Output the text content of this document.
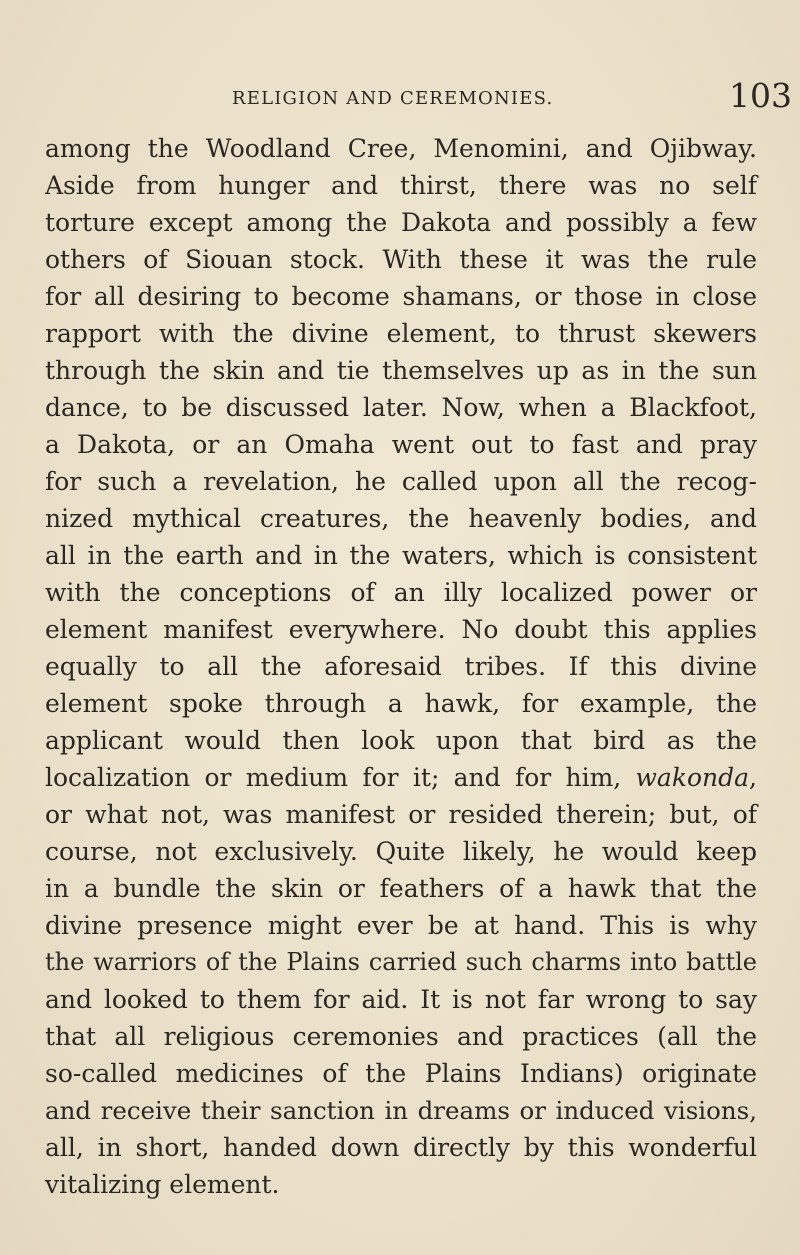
RELIGION AND CEREMONIES.	103
among the Woodland Cree, Menomini, and Ojibway.
Aside from hunger and thirst, there was no self
torture except among the Dakota and possibly a few
others of Siouan stock. With these it was the rule
for all desiring to become shamans, or those in close
rapport with the divine element, to thrust skewers
through the skin and tie themselves up as in the sun
dance, to be discussed later. Now, when a Blackfoot,
a Dakota, or an Omaha went out to fast and pray
for such a revelation, he called upon all the recog-
nized mythical creatures, the heavenly bodies, and
all in the earth and in the waters, which is consistent
with the conceptions of an illy localized power or
element manifest everywhere. No doubt this applies
equally to all the aforesaid tribes. If this divine
element spoke through a hawk, for example, the
applicant would then look upon that bird as the
localization or medium for it; and for him, wakonda,
or what not, was manifest or resided therein; but, of
course, not exclusively. Quite likely, he would keep
in a bundle the skin or feathers of a hawk that the
divine presence might ever be at hand. This is why
the warriors of the Plains carried such charms into battle
and looked to them for aid. It is not far wrong to say
that all religious ceremonies and practices (all the
so-called medicines of the Plains Indians) originate
and receive their sanction in dreams or induced visions,
all, in short, handed down directly by this wonderful
vitalizing element.
